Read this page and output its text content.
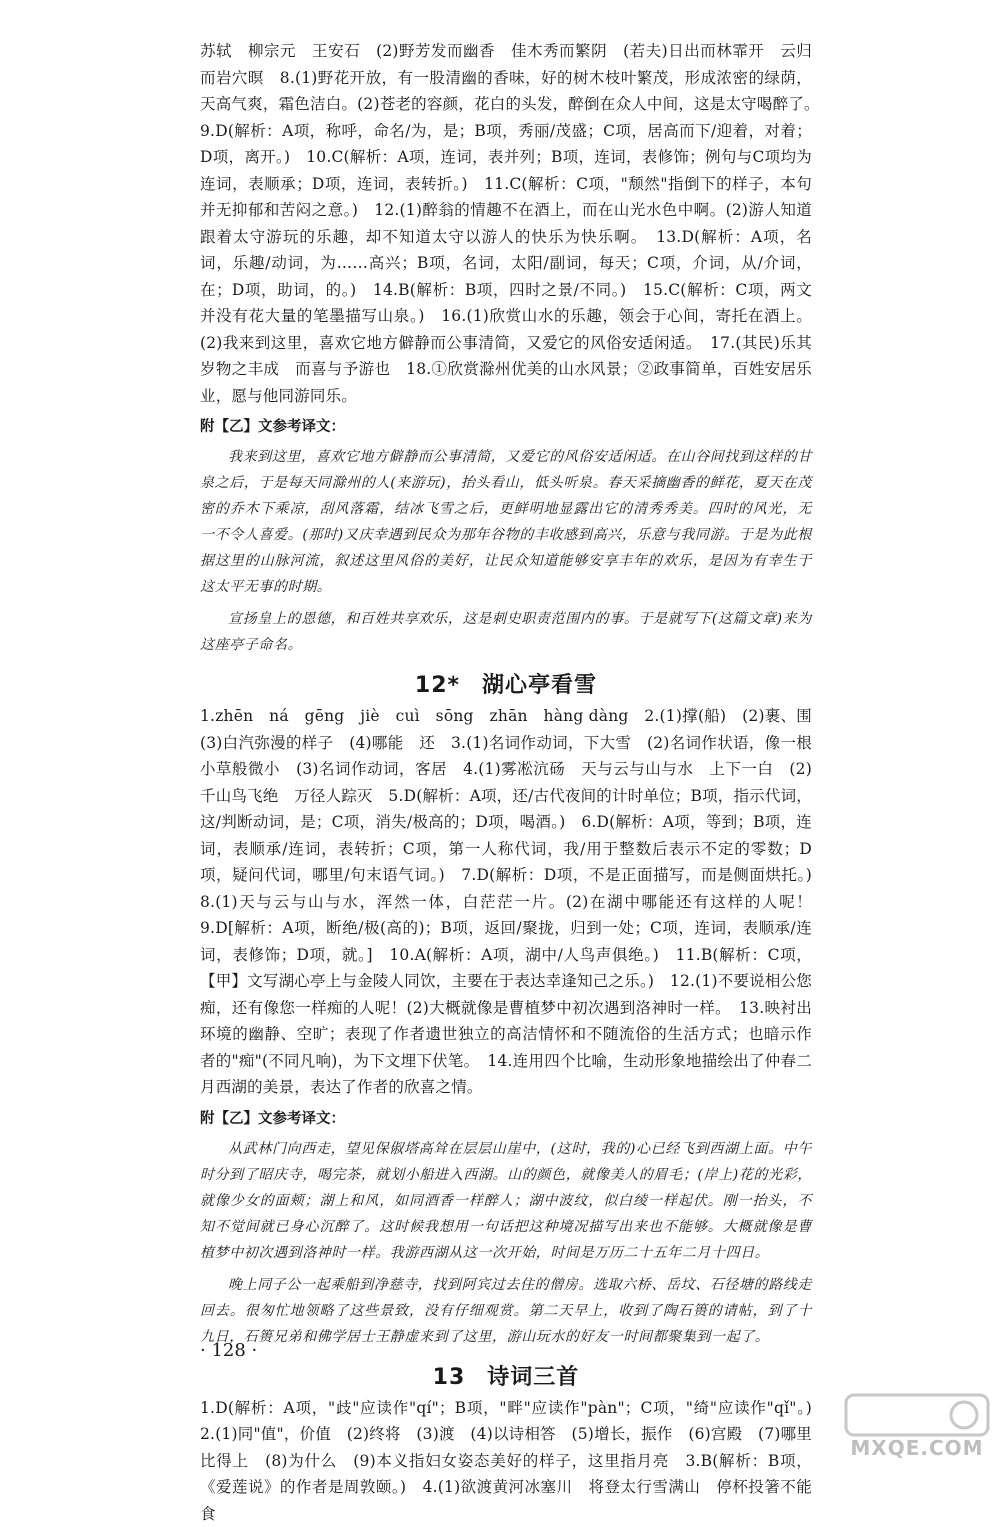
苏轼　柳宗元　王安石　(2)野芳发而幽香　佳木秀而繁阴　(若夫)日出而林霏开　云归而岩穴暝　8.(1)野花开放，有一股清幽的香味，好的树木枝叶繁茂，形成浓密的绿荫，天高气爽，霜色洁白。(2)苍老的容颜，花白的头发，醉倒在众人中间，这是太守喝醉了。　9.D(解析：A项，称呼，命名/为，是；B项，秀丽/茂盛；C项，居高而下/迎着，对着；D项，离开。)　10.C(解析：A项，连词，表并列；B项，连词，表修饰；例句与C项均为连词，表顺承；D项，连词，表转折。)　11.C(解析：C项，"颓然"指倒下的样子，本句并无抑郁和苦闷之意。)　12.(1)醉翁的情趣不在酒上，而在山光水色中啊。(2)游人知道跟着太守游玩的乐趣，却不知道太守以游人的快乐为快乐啊。　13.D(解析：A项，名词，乐趣/动词，为……高兴；B项，名词，太阳/副词，每天；C项，介词，从/介词，在；D项，助词，的。)　14.B(解析：B项，四时之景/不同。)　15.C(解析：C项，两文并没有花大量的笔墨描写山泉。)　16.(1)欣赏山水的乐趣，领会于心间，寄托在酒上。(2)我来到这里，喜欢它地方僻静而公事清简，又爱它的风俗安适闲适。　17.(其民)乐其岁物之丰成　而喜与予游也　18.①欣赏滁州优美的山水风景；②政事简单，百姓安居乐业，愿与他同游同乐。

附【乙】文参考译文：

我来到这里，喜欢它地方僻静而公事清简，又爱它的风俗安适闲适。在山谷间找到这样的甘泉之后，于是每天同滁州的人(来游玩)，抬头看山，低头听泉。春天采摘幽香的鲜花，夏天在茂密的乔木下乘凉，刮风落霜，结冰飞雪之后，更鲜明地显露出它的清秀秀美。四时的风光，无一不令人喜爱。(那时)又庆幸遇到民众为那年谷物的丰收感到高兴，乐意与我同游。于是为此根据这里的山脉河流，叙述这里风俗的美好，让民众知道能够安享丰年的欢乐，是因为有幸生于这太平无事的时期。

宣扬皇上的恩德，和百姓共享欢乐，这是刺史职责范围内的事。于是就写下(这篇文章)来为这座亭子命名。

12* 湖心亭看雪

1.zhēn　ná　gēng　jiè　cuì　sōng　zhān　hàng dàng　2.(1)撑(船)　(2)裹、围　(3)白汽弥漫的样子　(4)哪能　还　3.(1)名词作动词，下大雪　(2)名词作状语，像一根小草般微小　(3)名词作动词，客居　4.(1)雾凇沆砀　天与云与山与水　上下一白　(2)千山鸟飞绝　万径人踪灭　5.D(解析：A项，还/古代夜间的计时单位；B项，指示代词，这/判断动词，是；C项，消失/极高的；D项，喝酒。)　6.D(解析：A项，等到；B项，连词，表顺承/连词，表转折；C项，第一人称代词，我/用于整数后表示不定的零数；D项，疑问代词，哪里/句末语气词。)　7.D(解析：D项，不是正面描写，而是侧面烘托。)　8.(1)天与云与山与水，浑然一体，白茫茫一片。(2)在湖中哪能还有这样的人呢！　9.D[解析：A项，断绝/极(高的)；B项，返回/聚拢，归到一处；C项，连词，表顺承/连词，表修饰；D项，就。]　10.A(解析：A项，湖中/人鸟声俱绝。)　11.B(解析：C项，【甲】文写湖心亭上与金陵人同饮，主要在于表达幸逢知己之乐。)　12.(1)不要说相公您痴，还有像您一样痴的人呢！(2)大概就像是曹植梦中初次遇到洛神时一样。　13.映衬出环境的幽静、空旷；表现了作者遗世独立的高洁情怀和不随流俗的生活方式；也暗示作者的"痴"(不同凡响)，为下文埋下伏笔。　14.连用四个比喻，生动形象地描绘出了仲春二月西湖的美景，表达了作者的欣喜之情。

附【乙】文参考译文：

从武林门向西走，望见保俶塔高耸在层层山崖中，(这时，我的)心已经飞到西湖上面。中午时分到了昭庆寺，喝完茶，就划小船进入西湖。山的颜色，就像美人的眉毛；(岸上)花的光彩，就像少女的面颊；湖上和风，如同酒香一样醉人；湖中波纹，似白绫一样起伏。刚一抬头，不知不觉间就已身心沉醉了。这时候我想用一句话把这种境况描写出来也不能够。大概就像是曹植梦中初次遇到洛神时一样。我游西湖从这一次开始，时间是万历二十五年二月十四日。

晚上同子公一起乘船到净慈寺，找到阿宾过去住的僧房。选取六桥、岳坟、石径塘的路线走回去。很匆忙地领略了这些景致，没有仔细观赏。第二天早上，收到了陶石篑的请帖，到了十九日，石篑兄弟和佛学居士王静虚来到了这里，游山玩水的好友一时间都聚集到一起了。

13 诗词三首

1.D(解析：A项，"歧"应读作"qí"；B项，"畔"应读作"pàn"；C项，"绮"应读作"qǐ"。)　2.(1)同"值"，价值　(2)终将　(3)渡　(4)以诗相答　(5)增长，振作　(6)宫殿　(7)哪里比得上　(8)为什么　(9)本义指妇女姿态美好的样子，这里指月亮　3.B(解析：B项，《爱莲说》的作者是周敦颐。)　4.(1)欲渡黄河冰塞川　将登太行雪满山　停杯投箸不能食

· 128 ·
MXQE.COM
